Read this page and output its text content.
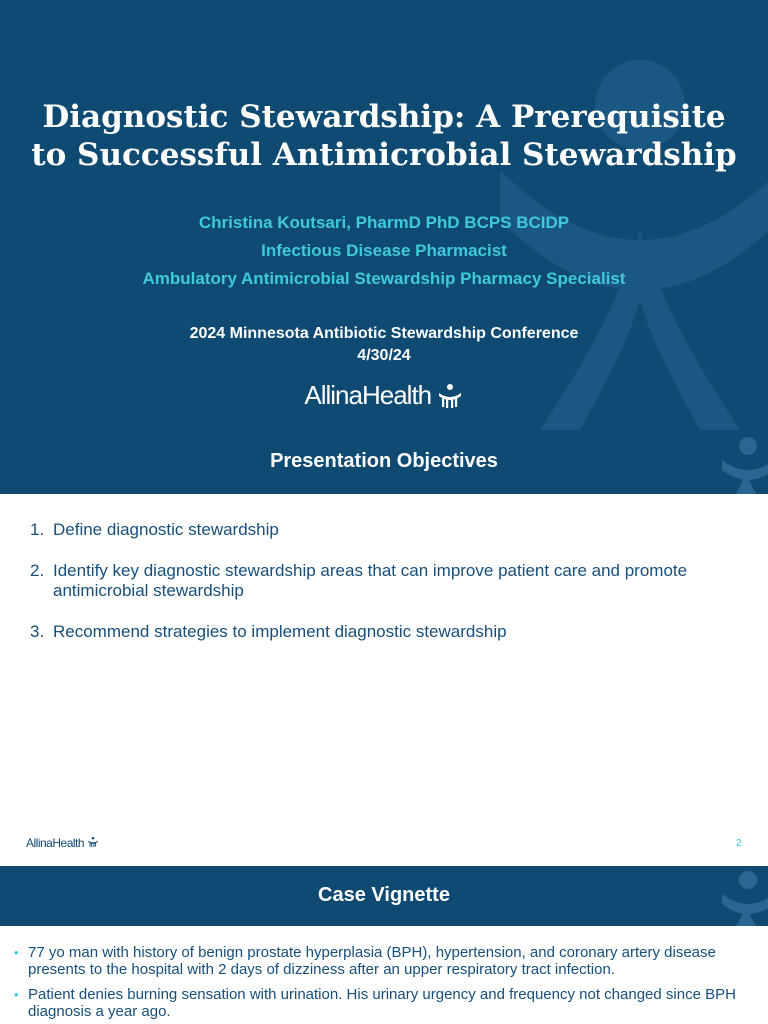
Diagnostic Stewardship: A Prerequisite
to Successful Antimicrobial Stewardship
Christina Koutsari, PharmD PhD BCPS BCIDP
Infectious Disease Pharmacist
Ambulatory Antimicrobial Stewardship Pharmacy Specialist
2024 Minnesota Antibiotic Stewardship Conference
4/30/24
AllinaHealth
Presentation Objectives
1. Define diagnostic stewardship
2. Identify key diagnostic stewardship areas that can improve patient care and promote antimicrobial stewardship
3. Recommend strategies to implement diagnostic stewardship
AllinaHealth	2
Case Vignette
• 77 yo man with history of benign prostate hyperplasia (BPH), hypertension, and coronary artery disease presents to the hospital with 2 days of dizziness after an upper respiratory tract infection.
• Patient denies burning sensation with urination. His urinary urgency and frequency not changed since BPH diagnosis a year ago.
